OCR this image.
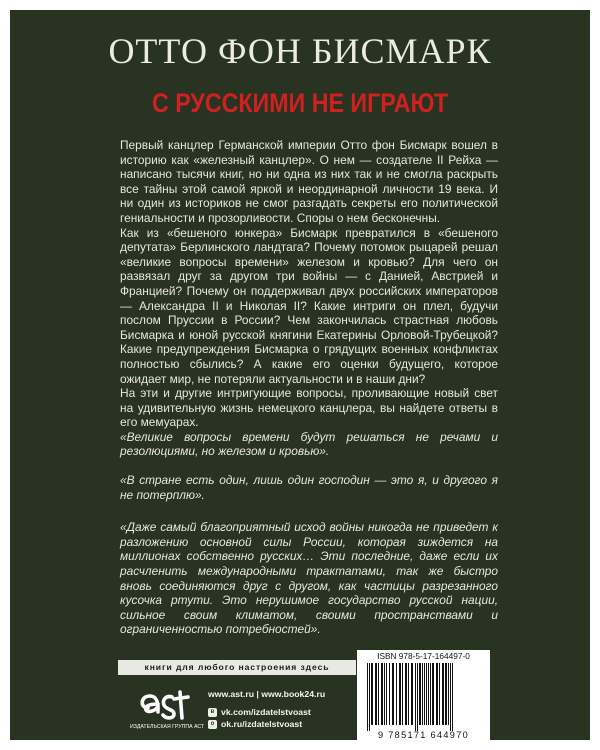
ОТТО ФОН БИСМАРК
С РУССКИМИ НЕ ИГРАЮТ

Первый канцлер Германской империи Отто фон Бисмарк вошел в историю как «железный канцлер». О нем — создателе II Рейха — написано тысячи книг, но ни одна из них так и не смогла раскрыть все тайны этой самой яркой и неординарной личности 19 века. И ни один из историков не смог разгадать секреты его политической гениальности и прозорливости. Споры о нем бесконечны.

Как из «бешеного юнкера» Бисмарк превратился в «бешеного депутата» Берлинского ландтага? Почему потомок рыцарей решал «великие вопросы времени» железом и кровью? Для чего он развязал друг за другом три войны — с Данией, Австрией и Францией? Почему он поддерживал двух российских императоров — Александра II и Николая II? Какие интриги он плел, будучи послом Пруссии в России? Чем закончилась страстная любовь Бисмарка и юной русской княгини Екатерины Орловой-Трубецкой? Какие предупреждения Бисмарка о грядущих военных конфликтах полностью сбылись? А какие его оценки будущего, которое ожидает мир, не потеряли актуальности и в наши дни?

На эти и другие интригующие вопросы, проливающие новый свет на удивительную жизнь немецкого канцлера, вы найдете ответы в его мемуарах.

«Великие вопросы времени будут решаться не речами и резолюциями, но железом и кровью».

«В стране есть один, лишь один господин — это я, и другого я не потерплю».

«Даже самый благоприятный исход войны никогда не приведет к разложению основной силы России, которая зиждется на миллионах собственно русских… Эти последние, даже если их расчленить международными трактатами, так же быстро вновь соединяются друг с другом, как частицы разрезанного кусочка ртути. Это нерушимое государство русской нации, сильное своим климатом, своими пространствами и ограниченностью потребностей».

книги для любого настроения здесь
ИЗДАТЕЛЬСКАЯ ГРУППА АСТ
www.ast.ru | www.book24.ru
в vk.com/izdatelstvoast
о ok.ru/izdatelstvoast
ISBN 978-5-17-164497-0
9 785171 644970
